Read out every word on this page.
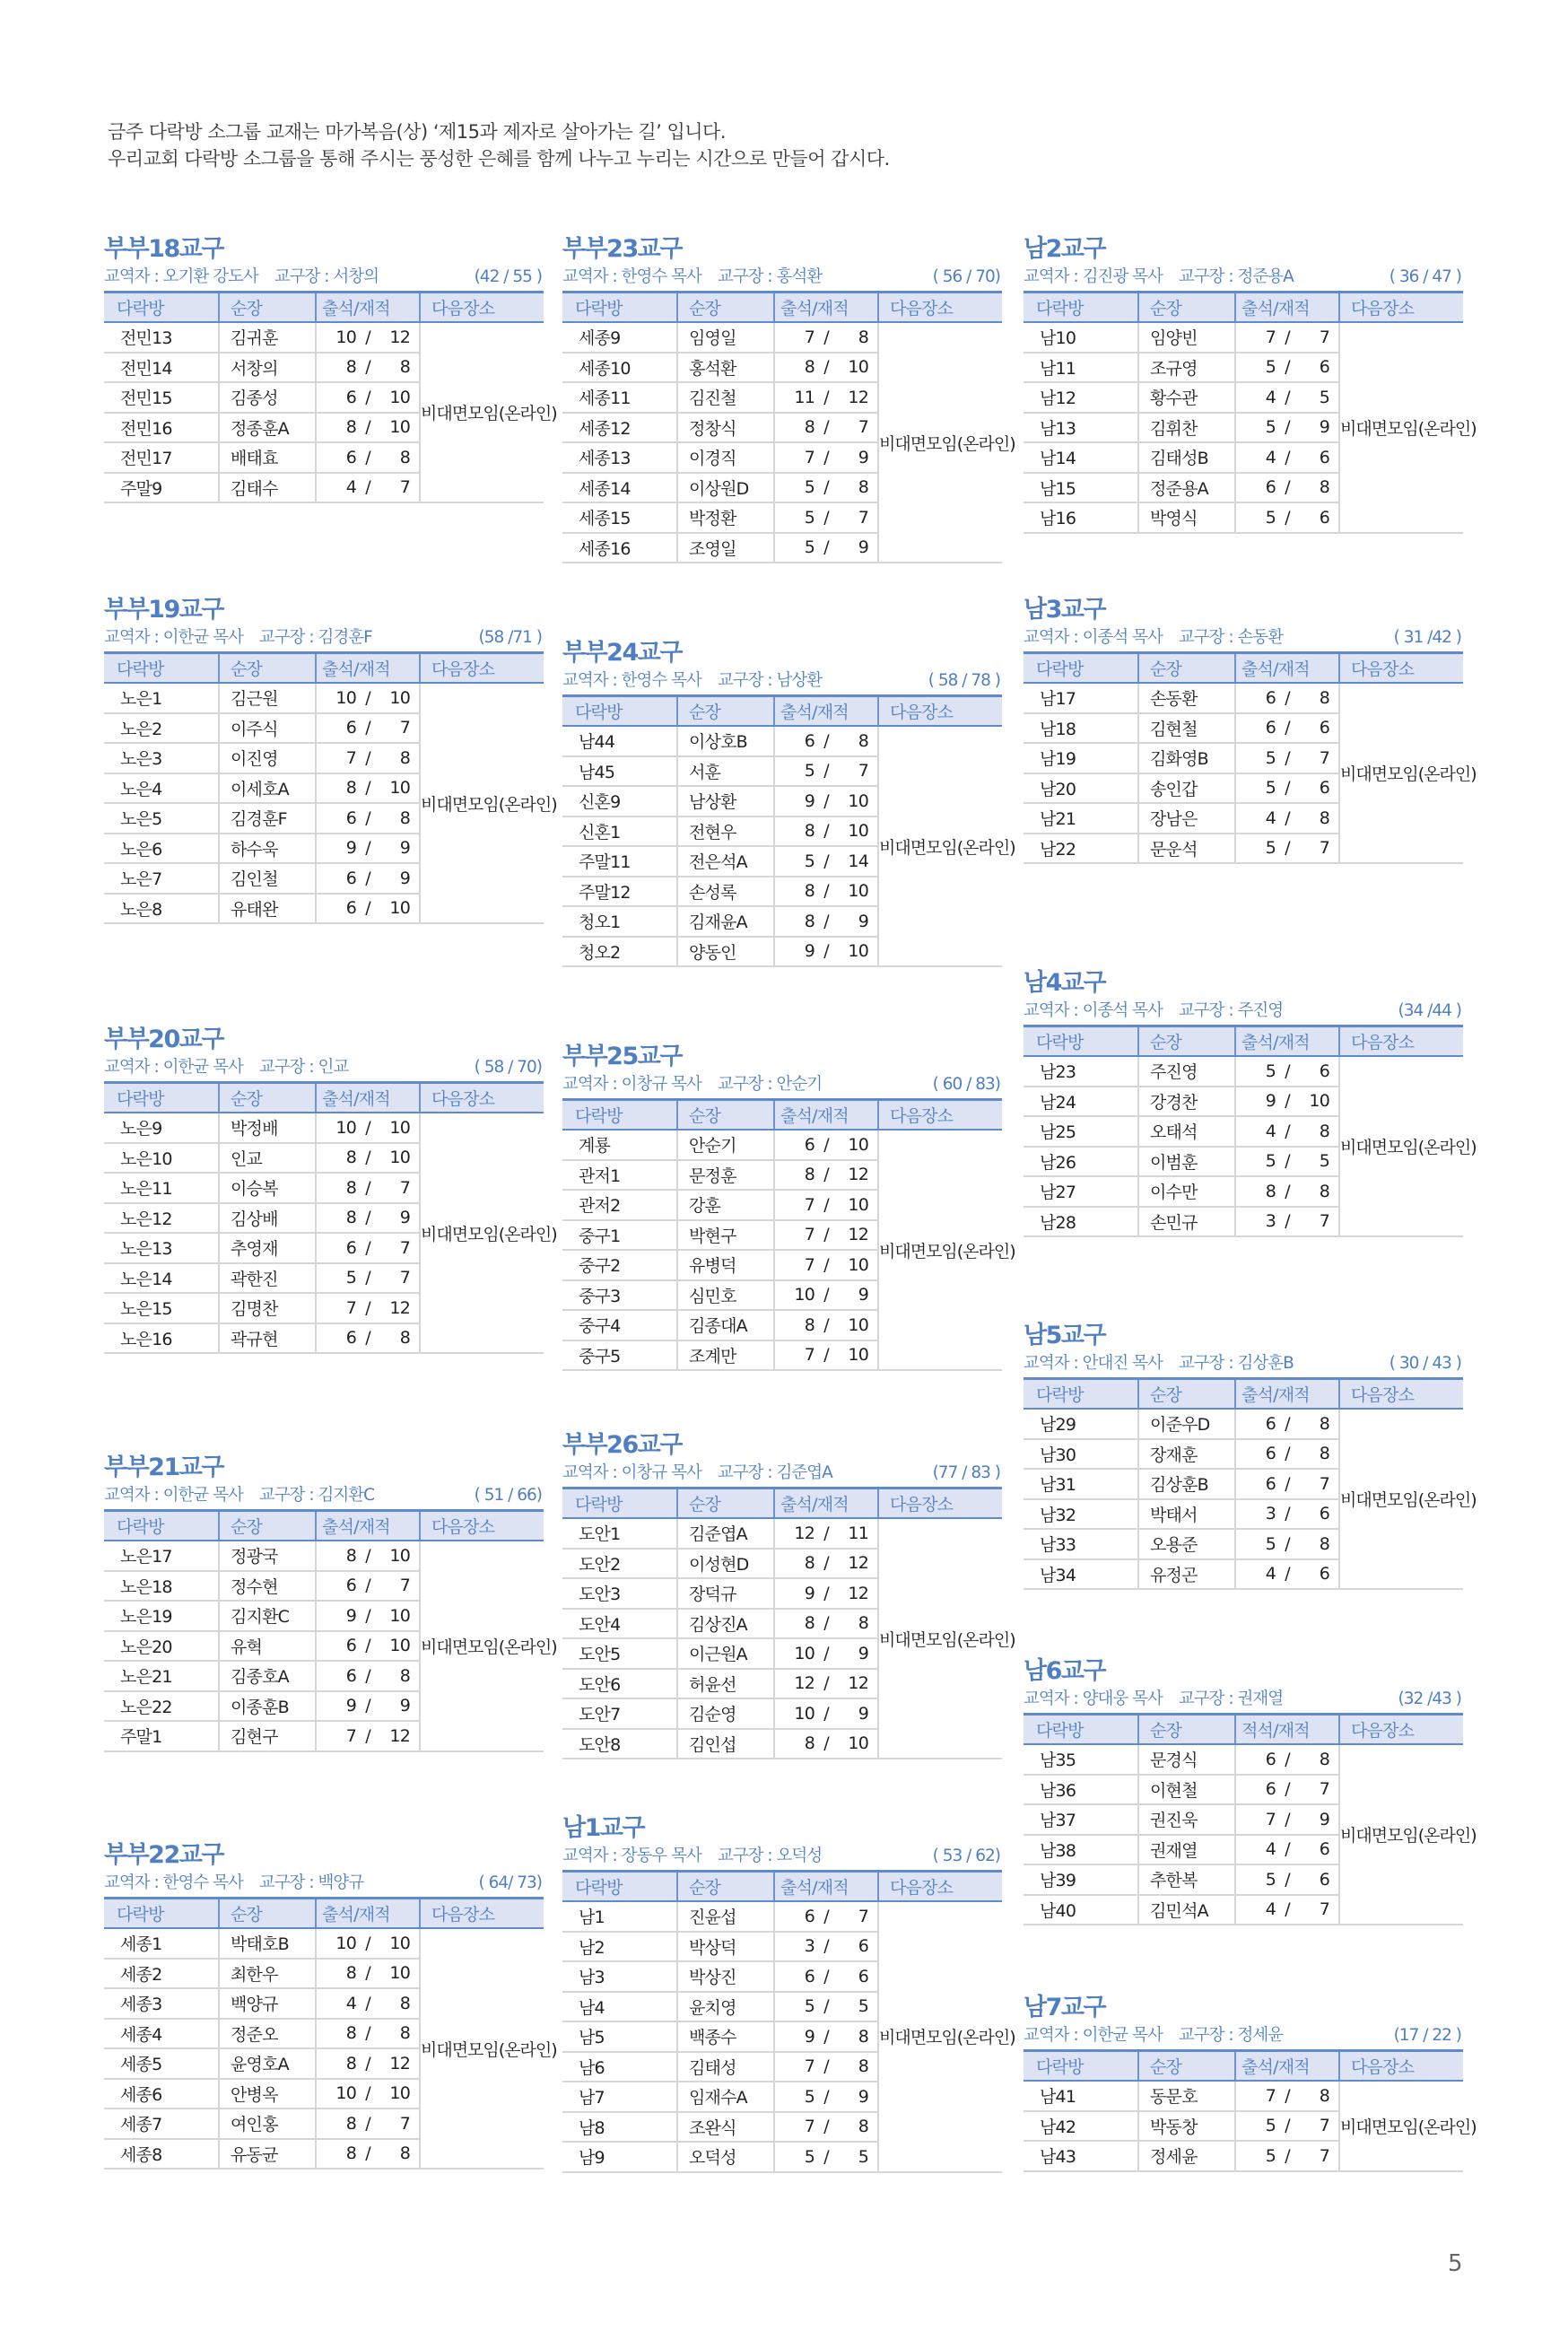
금주 다락방 소그룹 교재는 마가복음(상) ‘제15과 제자로 살아가는 길’ 입니다.
우리교회 다락방 소그룹을 통해 주시는 풍성한 은혜를 함께 나누고 누리는 시간으로 만들어 갑시다.
부부18교구
교역자 : 오기환 강도사 교구장 : 서창의	(42 / 55 )
다락방	순장	출석/재적	다음장소
전민13	김귀훈	10 / 12	비대면모임(온라인)
전민14	서창의	8 / 8	
전민15	김종성	6 / 10	
전민16	정종훈A	8 / 10	
전민17	배태효	6 / 8	
주말9	김태수	4 / 7	
부부19교구
교역자 : 이한균 목사 교구장 : 김경훈F	(58 /71 )
다락방	순장	출석/재적	다음장소
노은1	김근원	10 / 10	비대면모임(온라인)
노은2	이주식	6 / 7	
노은3	이진영	7 / 8	
노은4	이세호A	8 / 10	
노은5	김경훈F	6 / 8	
노은6	하수욱	9 / 9	
노은7	김인철	6 / 9	
노은8	유태완	6 / 10	
부부20교구
교역자 : 이한균 목사 교구장 : 인교	( 58 / 70)
다락방	순장	출석/재적	다음장소
노은9	박정배	10 / 10	비대면모임(온라인)
노은10	인교	8 / 10	
노은11	이승복	8 / 7	
노은12	김상배	8 / 9	
노은13	추영재	6 / 7	
노은14	곽한진	5 / 7	
노은15	김명찬	7 / 12	
노은16	곽규현	6 / 8	
부부21교구
교역자 : 이한균 목사 교구장 : 김지환C	( 51 / 66)
다락방	순장	출석/재적	다음장소
노은17	정광국	8 / 10	비대면모임(온라인)
노은18	정수현	6 / 7	
노은19	김지환C	9 / 10	
노은20	유혁	6 / 10	
노은21	김종호A	6 / 8	
노은22	이종훈B	9 / 9	
주말1	김현구	7 / 12	
부부22교구
교역자 : 한영수 목사 교구장 : 백양규	( 64/ 73)
다락방	순장	출석/재적	다음장소
세종1	박태호B	10 / 10	비대면모임(온라인)
세종2	최한우	8 / 10	
세종3	백양규	4 / 8	
세종4	정준오	8 / 8	
세종5	윤영호A	8 / 12	
세종6	안병옥	10 / 10	
세종7	여인홍	8 / 7	
세종8	유동균	8 / 8	
부부23교구
교역자 : 한영수 목사 교구장 : 홍석환	( 56 / 70)
다락방	순장	출석/재적	다음장소
세종9	임영일	7 / 8	비대면모임(온라인)
세종10	홍석환	8 / 10	
세종11	김진철	11 / 12	
세종12	정창식	8 / 7	
세종13	이경직	7 / 9	
세종14	이상원D	5 / 8	
세종15	박정환	5 / 7	
세종16	조영일	5 / 9	
부부24교구
교역자 : 한영수 목사 교구장 : 남상환	( 58 / 78 )
다락방	순장	출석/재적	다음장소
남44	이상호B	6 / 8	비대면모임(온라인)
남45	서훈	5 / 7	
신혼9	남상환	9 / 10	
신혼1	전현우	8 / 10	
주말11	전은석A	5 / 14	
주말12	손성록	8 / 10	
청오1	김재윤A	8 / 9	
청오2	양동인	9 / 10	
부부25교구
교역자 : 이창규 목사 교구장 : 안순기	( 60 / 83)
다락방	순장	출석/재적	다음장소
계룡	안순기	6 / 10	비대면모임(온라인)
관저1	문정훈	8 / 12	
관저2	강훈	7 / 10	
중구1	박현구	7 / 12	
중구2	유병덕	7 / 10	
중구3	심민호	10 / 9	
중구4	김종대A	8 / 10	
중구5	조계만	7 / 10	
부부26교구
교역자 : 이창규 목사 교구장 : 김준엽A	(77 / 83 )
다락방	순장	출석/재적	다음장소
도안1	김준엽A	12 / 11	비대면모임(온라인)
도안2	이성현D	8 / 12	
도안3	장덕규	9 / 12	
도안4	김상진A	8 / 8	
도안5	이근원A	10 / 9	
도안6	허윤선	12 / 12	
도안7	김순영	10 / 9	
도안8	김인섭	8 / 10	
남1교구
교역자 : 장동우 목사 교구장 : 오덕성	( 53 / 62)
다락방	순장	출석/재적	다음장소
남1	진윤섭	6 / 7	비대면모임(온라인)
남2	박상덕	3 / 6	
남3	박상진	6 / 6	
남4	윤치영	5 / 5	
남5	백종수	9 / 8	
남6	김태성	7 / 8	
남7	임재수A	5 / 9	
남8	조완식	7 / 8	
남9	오덕성	5 / 5	
남2교구
교역자 : 김진광 목사 교구장 : 정준용A	( 36 / 47 )
다락방	순장	출석/재적	다음장소
남10	임양빈	7 / 7	비대면모임(온라인)
남11	조규영	5 / 6	
남12	황수관	4 / 5	
남13	김휘찬	5 / 9	
남14	김태성B	4 / 6	
남15	정준용A	6 / 8	
남16	박영식	5 / 6	
남3교구
교역자 : 이종석 목사 교구장 : 손동환	( 31 /42 )
다락방	순장	출석/재적	다음장소
남17	손동환	6 / 8	비대면모임(온라인)
남18	김현철	6 / 6	
남19	김화영B	5 / 7	
남20	송인갑	5 / 6	
남21	장남은	4 / 8	
남22	문운석	5 / 7	
남4교구
교역자 : 이종석 목사 교구장 : 주진영	(34 /44 )
다락방	순장	출석/재적	다음장소
남23	주진영	5 / 6	비대면모임(온라인)
남24	강경찬	9 / 10	
남25	오태석	4 / 8	
남26	이범훈	5 / 5	
남27	이수만	8 / 8	
남28	손민규	3 / 7	
남5교구
교역자 : 안대진 목사 교구장 : 김상훈B	( 30 / 43 )
다락방	순장	출석/재적	다음장소
남29	이준우D	6 / 8	비대면모임(온라인)
남30	장재훈	6 / 8	
남31	김상훈B	6 / 7	
남32	박태서	3 / 6	
남33	오용준	5 / 8	
남34	유정곤	4 / 6	
남6교구
교역자 : 양대웅 목사 교구장 : 권재열	(32 /43 )
다락방	순장	적석/재적	다음장소
남35	문경식	6 / 8	비대면모임(온라인)
남36	이현철	6 / 7	
남37	권진욱	7 / 9	
남38	권재열	4 / 6	
남39	추한복	5 / 6	
남40	김민석A	4 / 7	
남7교구
교역자 : 이한균 목사 교구장 : 정세윤	(17 / 22 )
다락방	순장	출석/재적	다음장소
남41	동문호	7 / 8	비대면모임(온라인)
남42	박동창	5 / 7	
남43	정세윤	5 / 7	
5
